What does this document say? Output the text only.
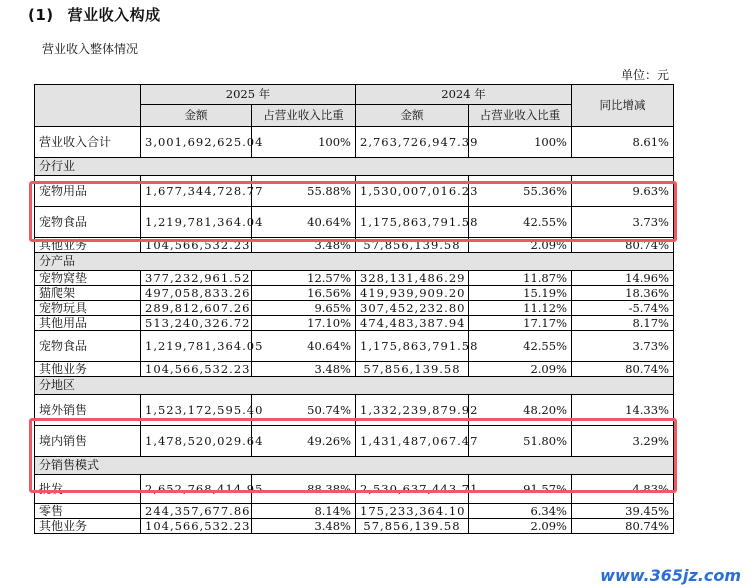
(1) 营业收入构成
营业收入整体情况
单位：元
	2025 年		2024 年		同比增减
	金额	占营业收入比重	金额	占营业收入比重	
营业收入合计	3,001,692,625.04	100%	2,763,726,947.39	100%	8.61%
分行业					
宠物用品	1,677,344,728.77	55.88%	1,530,007,016.23	55.36%	9.63%
宠物食品	1,219,781,364.04	40.64%	1,175,863,791.58	42.55%	3.73%
其他业务	104,566,532.23	3.48%	57,856,139.58	2.09%	80.74%
分产品					
宠物窝垫	377,232,961.52	12.57%	328,131,486.29	11.87%	14.96%
猫爬架	497,058,833.26	16.56%	419,939,909.20	15.19%	18.36%
宠物玩具	289,812,607.26	9.65%	307,452,232.80	11.12%	-5.74%
其他用品	513,240,326.72	17.10%	474,483,387.94	17.17%	8.17%
宠物食品	1,219,781,364.05	40.64%	1,175,863,791.58	42.55%	3.73%
其他业务	104,566,532.23	3.48%	57,856,139.58	2.09%	80.74%
分地区					
境外销售	1,523,172,595.40	50.74%	1,332,239,879.92	48.20%	14.33%
境内销售	1,478,520,029.64	49.26%	1,431,487,067.47	51.80%	3.29%
分销售模式					
批发	2,652,768,414.95	88.38%	2,530,637,443.71	91.57%	4.83%
零售	244,357,677.86	8.14%	175,233,364.10	6.34%	39.45%
其他业务	104,566,532.23	3.48%	57,856,139.58	2.09%	80.74%
www.365jz.com
